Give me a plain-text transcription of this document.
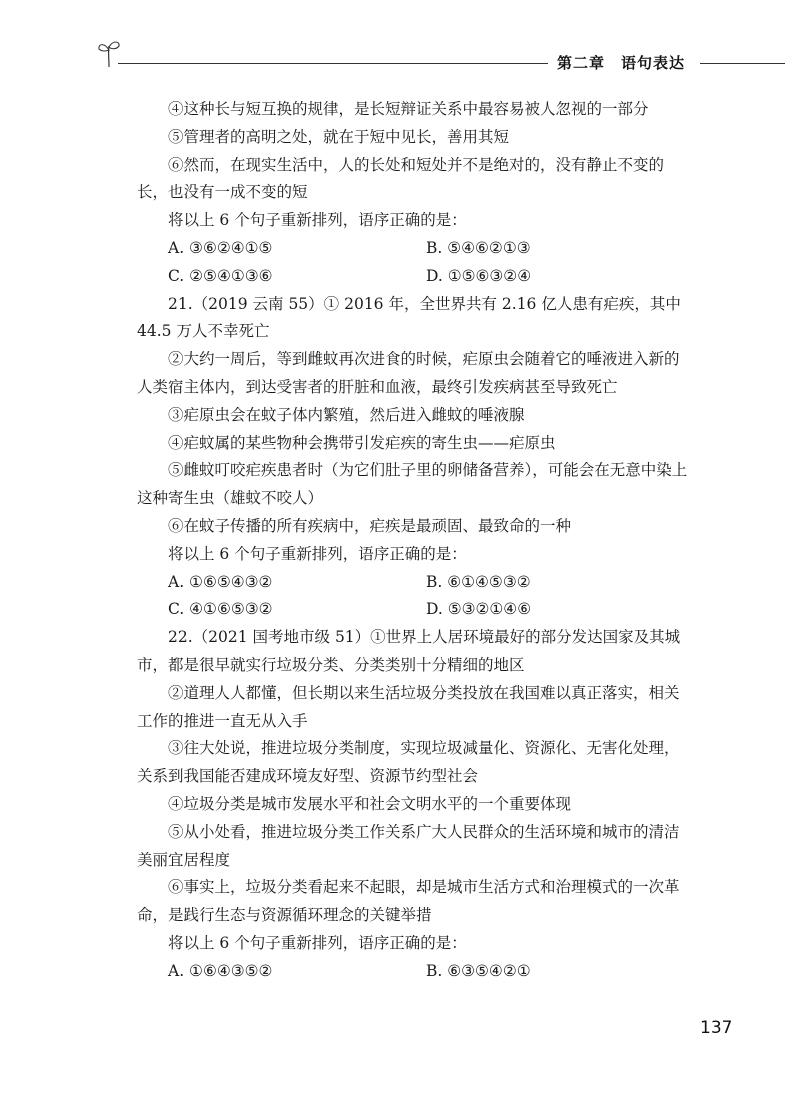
第二章　语句表达

④这种长与短互换的规律，是长短辩证关系中最容易被人忽视的一部分

⑤管理者的高明之处，就在于短中见长，善用其短

⑥然而，在现实生活中，人的长处和短处并不是绝对的，没有静止不变的长，也没有一成不变的短

将以上 6 个句子重新排列，语序正确的是：

A. ③⑥②④①⑤	B. ⑤④⑥②①③
C. ②⑤④①③⑥	D. ①⑤⑥③②④

21.（2019 云南 55）① 2016 年，全世界共有 2.16 亿人患有疟疾，其中 44.5 万人不幸死亡

②大约一周后，等到雌蚊再次进食的时候，疟原虫会随着它的唾液进入新的人类宿主体内，到达受害者的肝脏和血液，最终引发疾病甚至导致死亡

③疟原虫会在蚊子体内繁殖，然后进入雌蚊的唾液腺

④疟蚊属的某些物种会携带引发疟疾的寄生虫——疟原虫

⑤雌蚊叮咬疟疾患者时（为它们肚子里的卵储备营养），可能会在无意中染上这种寄生虫（雄蚊不咬人）

⑥在蚊子传播的所有疾病中，疟疾是最顽固、最致命的一种

将以上 6 个句子重新排列，语序正确的是：

A. ①⑥⑤④③②	B. ⑥①④⑤③②
C. ④①⑥⑤③②	D. ⑤③②①④⑥

22.（2021 国考地市级 51）①世界上人居环境最好的部分发达国家及其城市，都是很早就实行垃圾分类、分类类别十分精细的地区

②道理人人都懂，但长期以来生活垃圾分类投放在我国难以真正落实，相关工作的推进一直无从入手

③往大处说，推进垃圾分类制度，实现垃圾减量化、资源化、无害化处理，关系到我国能否建成环境友好型、资源节约型社会

④垃圾分类是城市发展水平和社会文明水平的一个重要体现

⑤从小处看，推进垃圾分类工作关系广大人民群众的生活环境和城市的清洁美丽宜居程度

⑥事实上，垃圾分类看起来不起眼，却是城市生活方式和治理模式的一次革命，是践行生态与资源循环理念的关键举措

将以上 6 个句子重新排列，语序正确的是：

A. ①⑥④③⑤②	B. ⑥③⑤④②①
137
